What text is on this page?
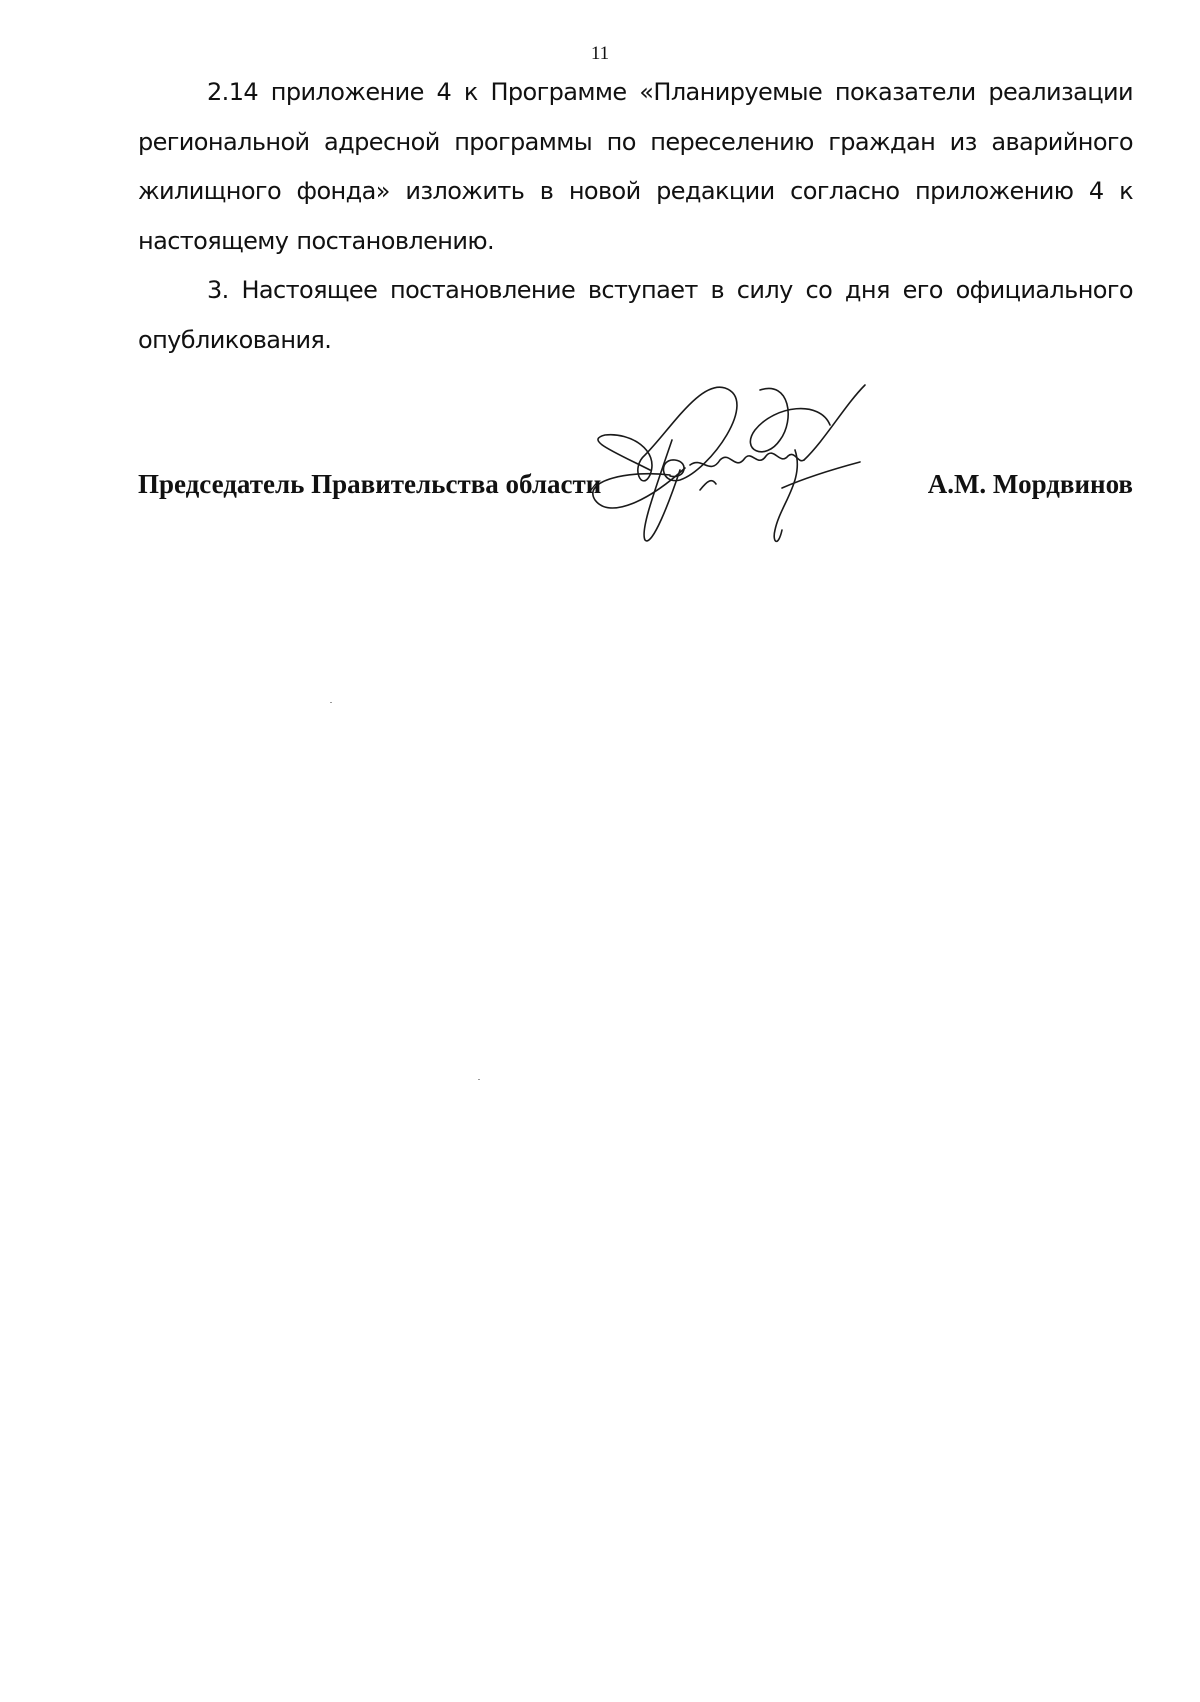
11

2.14 приложение 4 к Программе «Планируемые показатели реализации региональной адресной программы по переселению граждан из аварийного жилищного фонда» изложить в новой редакции согласно приложению 4 к настоящему постановлению.

3. Настоящее постановление вступает в силу со дня его официального опубликования.

Председатель Правительства области	А.М. Мордвинов
